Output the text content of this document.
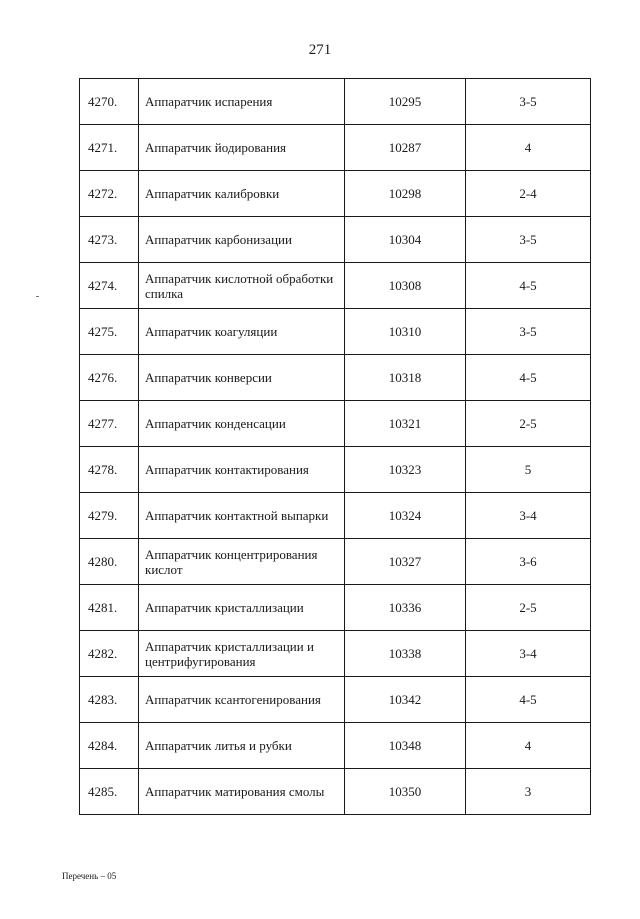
271
4270.	Аппаратчик испарения	10295	3-5
4271.	Аппаратчик йодирования	10287	4
4272.	Аппаратчик калибровки	10298	2-4
4273.	Аппаратчик карбонизации	10304	3-5
4274.	Аппаратчик кислотной обработки спилка	10308	4-5
4275.	Аппаратчик коагуляции	10310	3-5
4276.	Аппаратчик конверсии	10318	4-5
4277.	Аппаратчик конденсации	10321	2-5
4278.	Аппаратчик контактирования	10323	5
4279.	Аппаратчик контактной выпарки	10324	3-4
4280.	Аппаратчик концентрирования кислот	10327	3-6
4281.	Аппаратчик кристаллизации	10336	2-5
4282.	Аппаратчик кристаллизации и центрифугирования	10338	3-4
4283.	Аппаратчик ксантогенирования	10342	4-5
4284.	Аппаратчик литья и рубки	10348	4
4285.	Аппаратчик матирования смолы	10350	3
Перечень – 05
